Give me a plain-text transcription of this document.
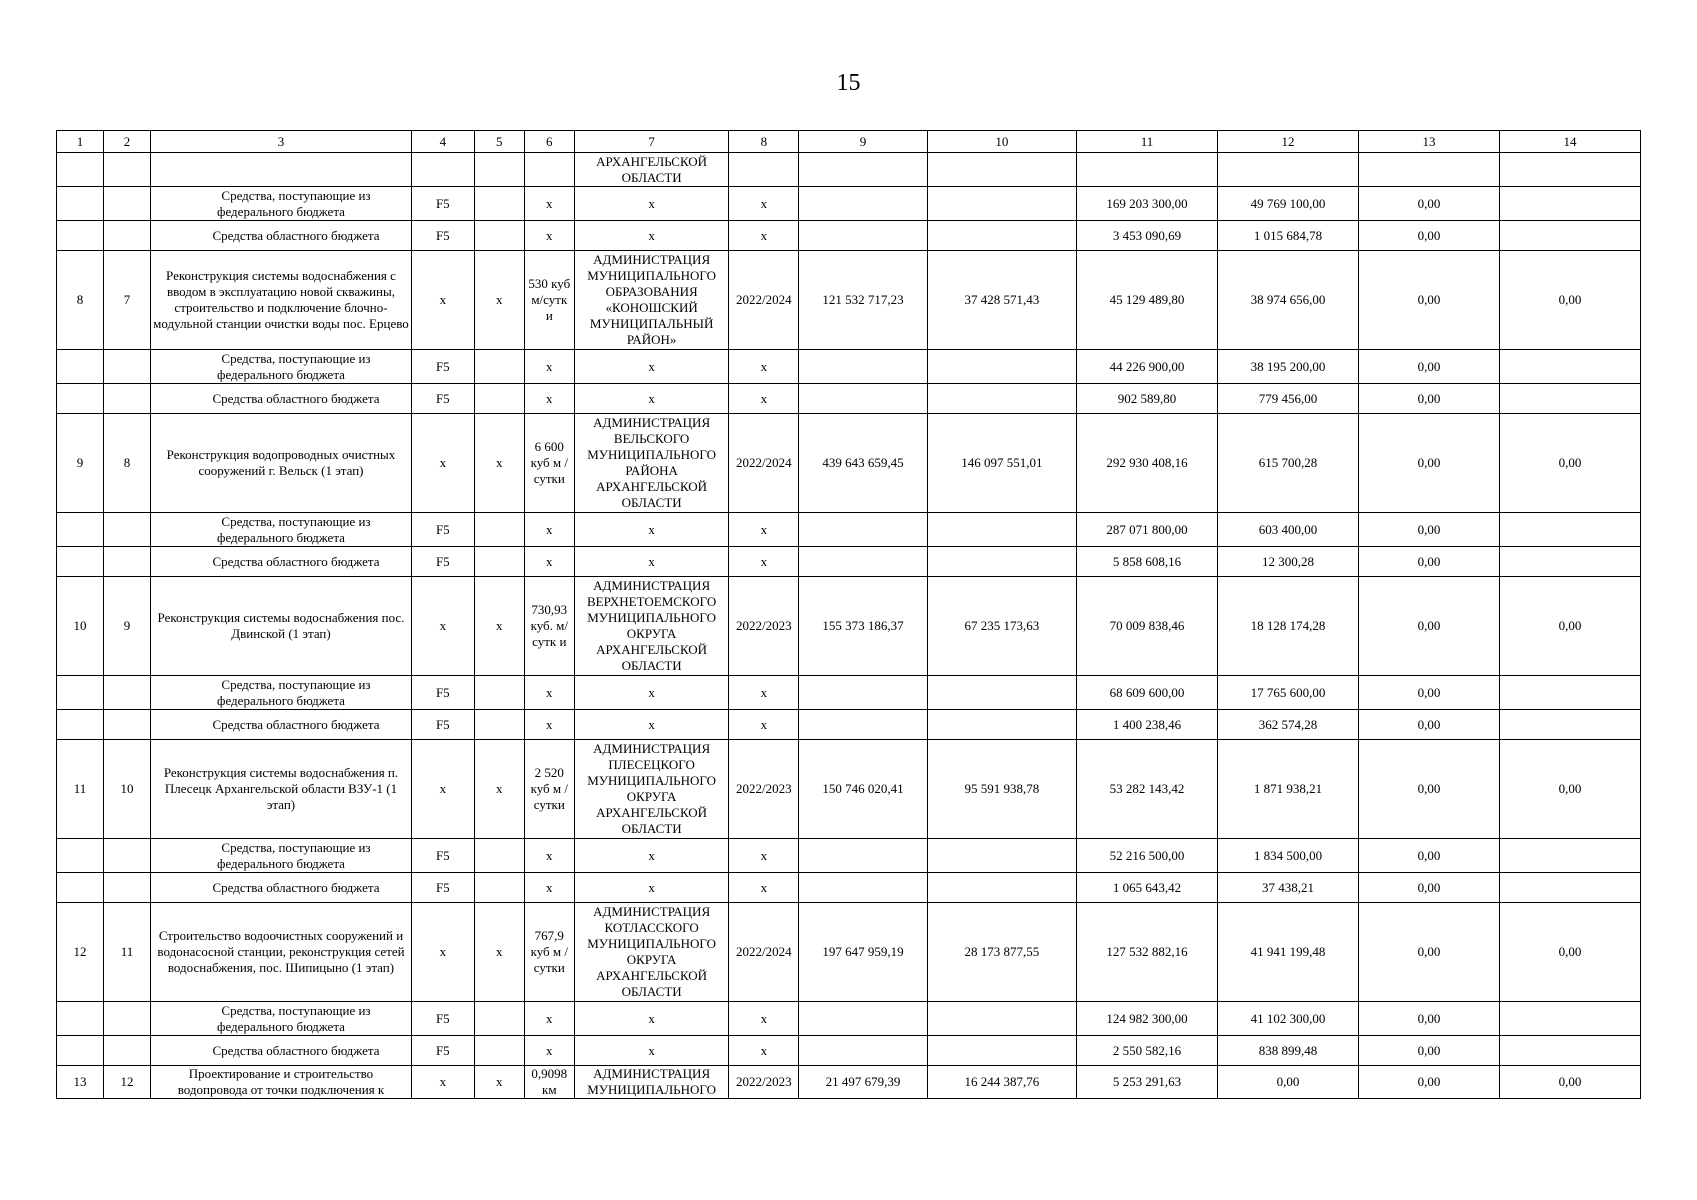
15
1	2	3	4	5	6	7	8	9	10	11	12	13	14
						АРХАНГЕЛЬСКОЙ ОБЛАСТИ							
		Средства, поступающие из федерального бюджета	F5		х	х	х			169 203 300,00	49 769 100,00	0,00	
		Средства областного бюджета	F5		х	х	х			3 453 090,69	1 015 684,78	0,00	
8	7	Реконструкция системы водоснабжения с вводом в эксплуатацию новой скважины, строительство и подключение блочно-модульной станции очистки воды пос. Ерцево	х	х	530 куб м/сутк и	АДМИНИСТРАЦИЯ МУНИЦИПАЛЬНОГО ОБРАЗОВАНИЯ «КОНОШСКИЙ МУНИЦИПАЛЬНЫЙ РАЙОН»	2022/2024	121 532 717,23	37 428 571,43	45 129 489,80	38 974 656,00	0,00	0,00
		Средства, поступающие из федерального бюджета	F5		х	х	х			44 226 900,00	38 195 200,00	0,00	
		Средства областного бюджета	F5		х	х	х			902 589,80	779 456,00	0,00	
9	8	Реконструкция водопроводных очистных сооружений г. Вельск (1 этап)	х	х	6 600 куб м / сутки	АДМИНИСТРАЦИЯ ВЕЛЬСКОГО МУНИЦИПАЛЬНОГО РАЙОНА АРХАНГЕЛЬСКОЙ ОБЛАСТИ	2022/2024	439 643 659,45	146 097 551,01	292 930 408,16	615 700,28	0,00	0,00
		Средства, поступающие из федерального бюджета	F5		х	х	х			287 071 800,00	603 400,00	0,00	
		Средства областного бюджета	F5		х	х	х			5 858 608,16	12 300,28	0,00	
10	9	Реконструкция системы водоснабжения пос. Двинской (1 этап)	х	х	730,93 куб. м/сутк и	АДМИНИСТРАЦИЯ ВЕРХНЕТОЕМСКОГО МУНИЦИПАЛЬНОГО ОКРУГА АРХАНГЕЛЬСКОЙ ОБЛАСТИ	2022/2023	155 373 186,37	67 235 173,63	70 009 838,46	18 128 174,28	0,00	0,00
		Средства, поступающие из федерального бюджета	F5		х	х	х			68 609 600,00	17 765 600,00	0,00	
		Средства областного бюджета	F5		х	х	х			1 400 238,46	362 574,28	0,00	
11	10	Реконструкция системы водоснабжения п. Плесецк Архангельской области ВЗУ-1 (1 этап)	х	х	2 520 куб м / сутки	АДМИНИСТРАЦИЯ ПЛЕСЕЦКОГО МУНИЦИПАЛЬНОГО ОКРУГА АРХАНГЕЛЬСКОЙ ОБЛАСТИ	2022/2023	150 746 020,41	95 591 938,78	53 282 143,42	1 871 938,21	0,00	0,00
		Средства, поступающие из федерального бюджета	F5		х	х	х			52 216 500,00	1 834 500,00	0,00	
		Средства областного бюджета	F5		х	х	х			1 065 643,42	37 438,21	0,00	
12	11	Строительство водоочистных сооружений и водонасосной станции, реконструкция сетей водоснабжения, пос. Шипицыно (1 этап)	х	х	767,9 куб м / сутки	АДМИНИСТРАЦИЯ КОТЛАССКОГО МУНИЦИПАЛЬНОГО ОКРУГА АРХАНГЕЛЬСКОЙ ОБЛАСТИ	2022/2024	197 647 959,19	28 173 877,55	127 532 882,16	41 941 199,48	0,00	0,00
		Средства, поступающие из федерального бюджета	F5		х	х	х			124 982 300,00	41 102 300,00	0,00	
		Средства областного бюджета	F5		х	х	х			2 550 582,16	838 899,48	0,00	
13	12	Проектирование и строительство водопровода от точки подключения к	х	х	0,9098 км	АДМИНИСТРАЦИЯ МУНИЦИПАЛЬНОГО	2022/2023	21 497 679,39	16 244 387,76	5 253 291,63	0,00	0,00	0,00
